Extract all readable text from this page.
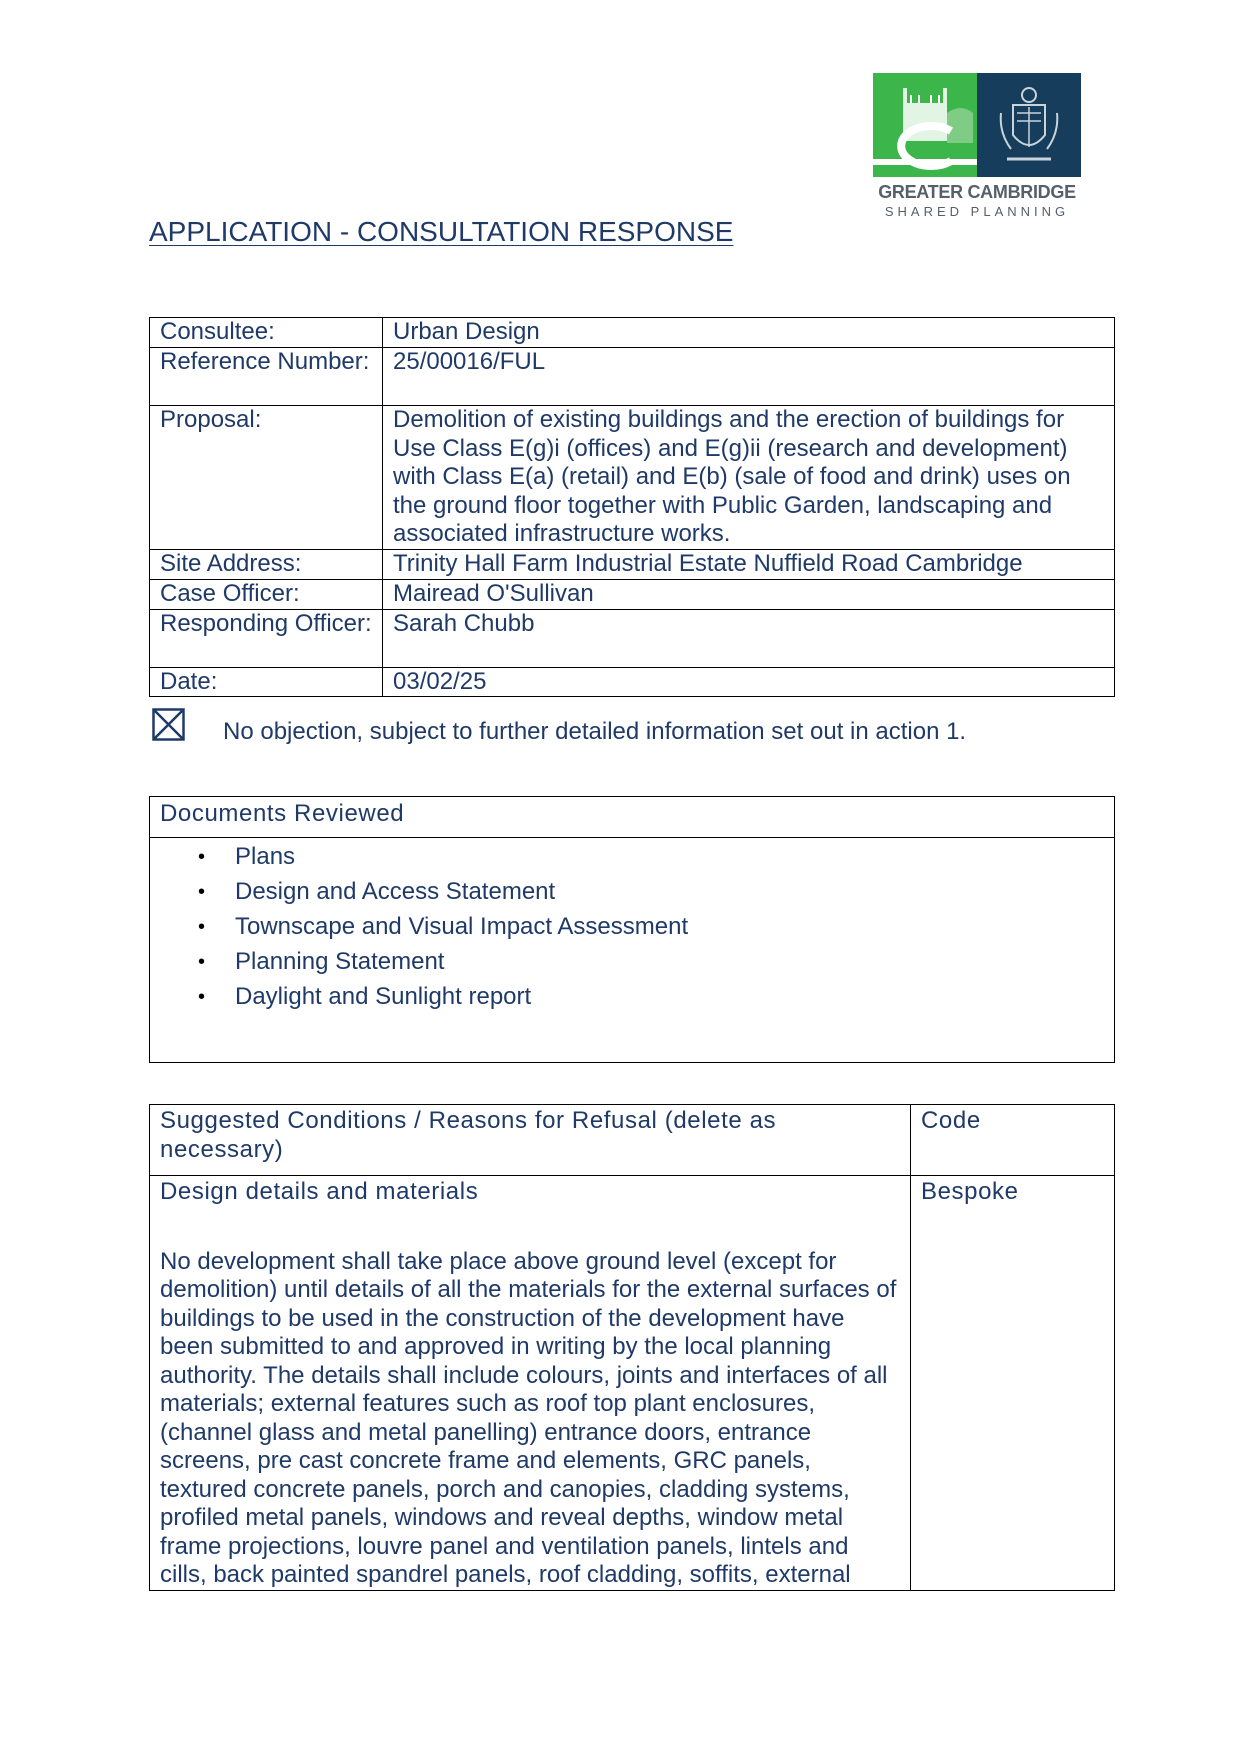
GREATER CAMBRIDGE
SHARED PLANNING
APPLICATION - CONSULTATION RESPONSE
Consultee:	Urban Design
Reference Number:	25/00016/FUL
Proposal:	Demolition of existing buildings and the erection of buildings for Use Class E(g)i (offices) and E(g)ii (research and development) with Class E(a) (retail) and E(b) (sale of food and drink) uses on the ground floor together with Public Garden, landscaping and associated infrastructure works.
Site Address:	Trinity Hall Farm Industrial Estate Nuffield Road Cambridge
Case Officer:	Mairead O'Sullivan
Responding Officer:	Sarah Chubb
Date:	03/02/25
No objection, subject to further detailed information set out in action 1.
Documents Reviewed

• Plans
• Design and Access Statement
• Townscape and Visual Impact Assessment
• Planning Statement
• Daylight and Sunlight report
Suggested Conditions / Reasons for Refusal (delete as necessary)	Code

Design details and materials
No development shall take place above ground level (except for demolition) until details of all the materials for the external surfaces of buildings to be used in the construction of the development have been submitted to and approved in writing by the local planning authority. The details shall include colours, joints and interfaces of all materials; external features such as roof top plant enclosures, (channel glass and metal panelling) entrance doors, entrance screens, pre cast concrete frame and elements, GRC panels, textured concrete panels, porch and canopies, cladding systems, profiled metal panels, windows and reveal depths, window metal frame projections, louvre panel and ventilation panels, lintels and cills, back painted spandrel panels, roof cladding, soffits, external	Bespoke
